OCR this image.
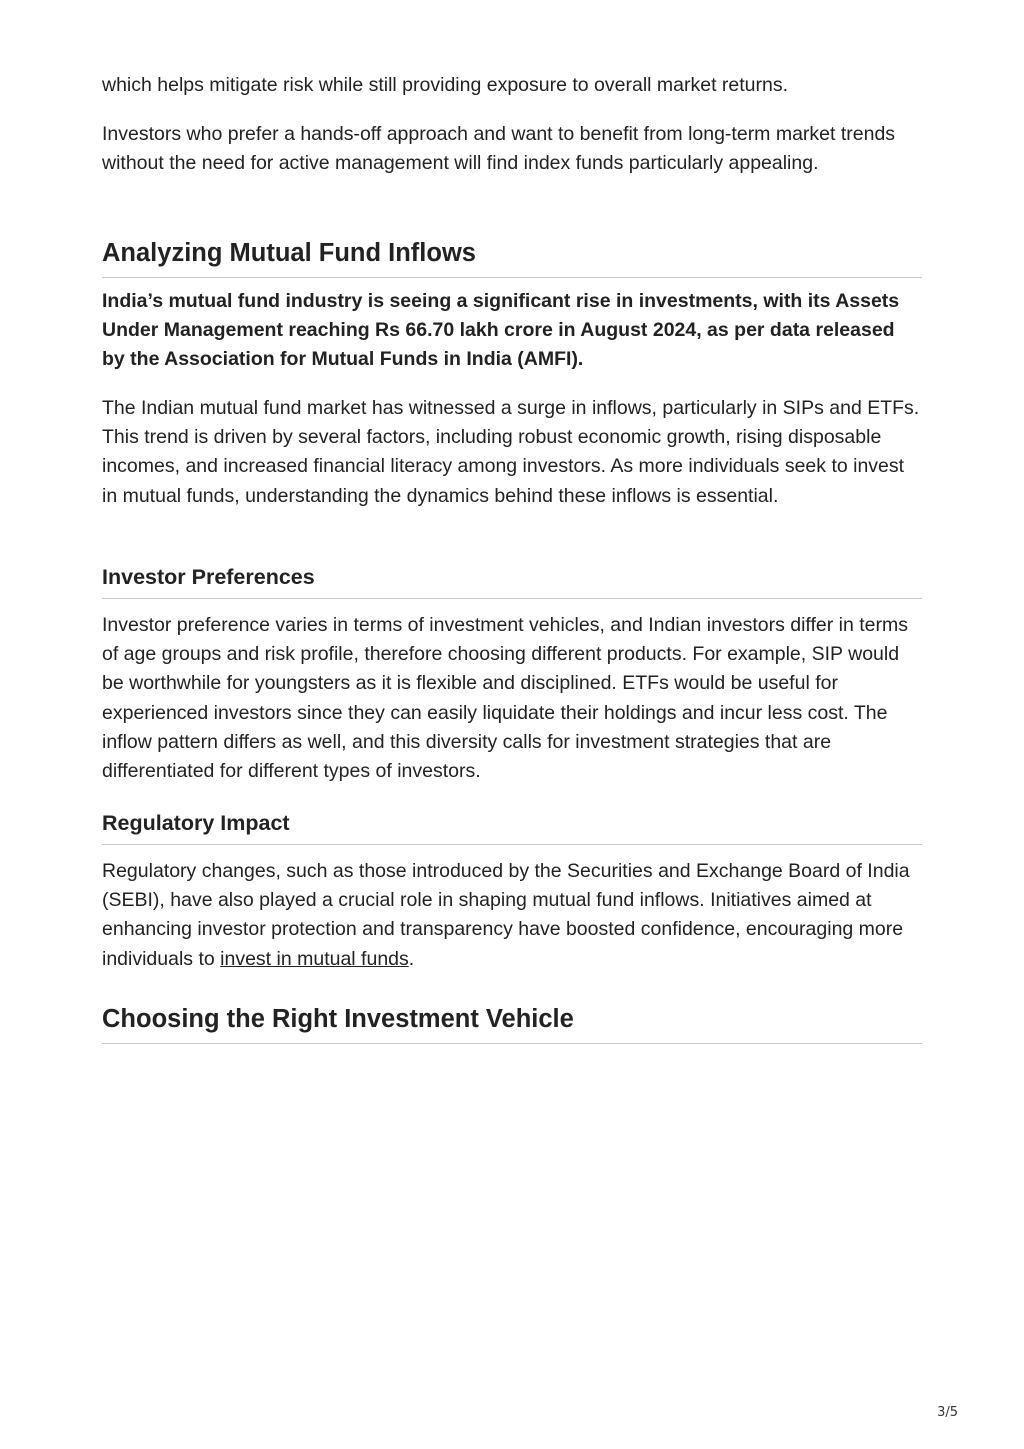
which helps mitigate risk while still providing exposure to overall market returns.

Investors who prefer a hands-off approach and want to benefit from long-term market trends without the need for active management will find index funds particularly appealing.

Analyzing Mutual Fund Inflows

India’s mutual fund industry is seeing a significant rise in investments, with its Assets Under Management reaching Rs 66.70 lakh crore in August 2024, as per data released by the Association for Mutual Funds in India (AMFI).

The Indian mutual fund market has witnessed a surge in inflows, particularly in SIPs and ETFs. This trend is driven by several factors, including robust economic growth, rising disposable incomes, and increased financial literacy among investors. As more individuals seek to invest in mutual funds, understanding the dynamics behind these inflows is essential.

Investor Preferences

Investor preference varies in terms of investment vehicles, and Indian investors differ in terms of age groups and risk profile, therefore choosing different products. For example, SIP would be worthwhile for youngsters as it is flexible and disciplined. ETFs would be useful for experienced investors since they can easily liquidate their holdings and incur less cost. The inflow pattern differs as well, and this diversity calls for investment strategies that are differentiated for different types of investors.

Regulatory Impact

Regulatory changes, such as those introduced by the Securities and Exchange Board of India (SEBI), have also played a crucial role in shaping mutual fund inflows. Initiatives aimed at enhancing investor protection and transparency have boosted confidence, encouraging more individuals to invest in mutual funds.

Choosing the Right Investment Vehicle
3/5
